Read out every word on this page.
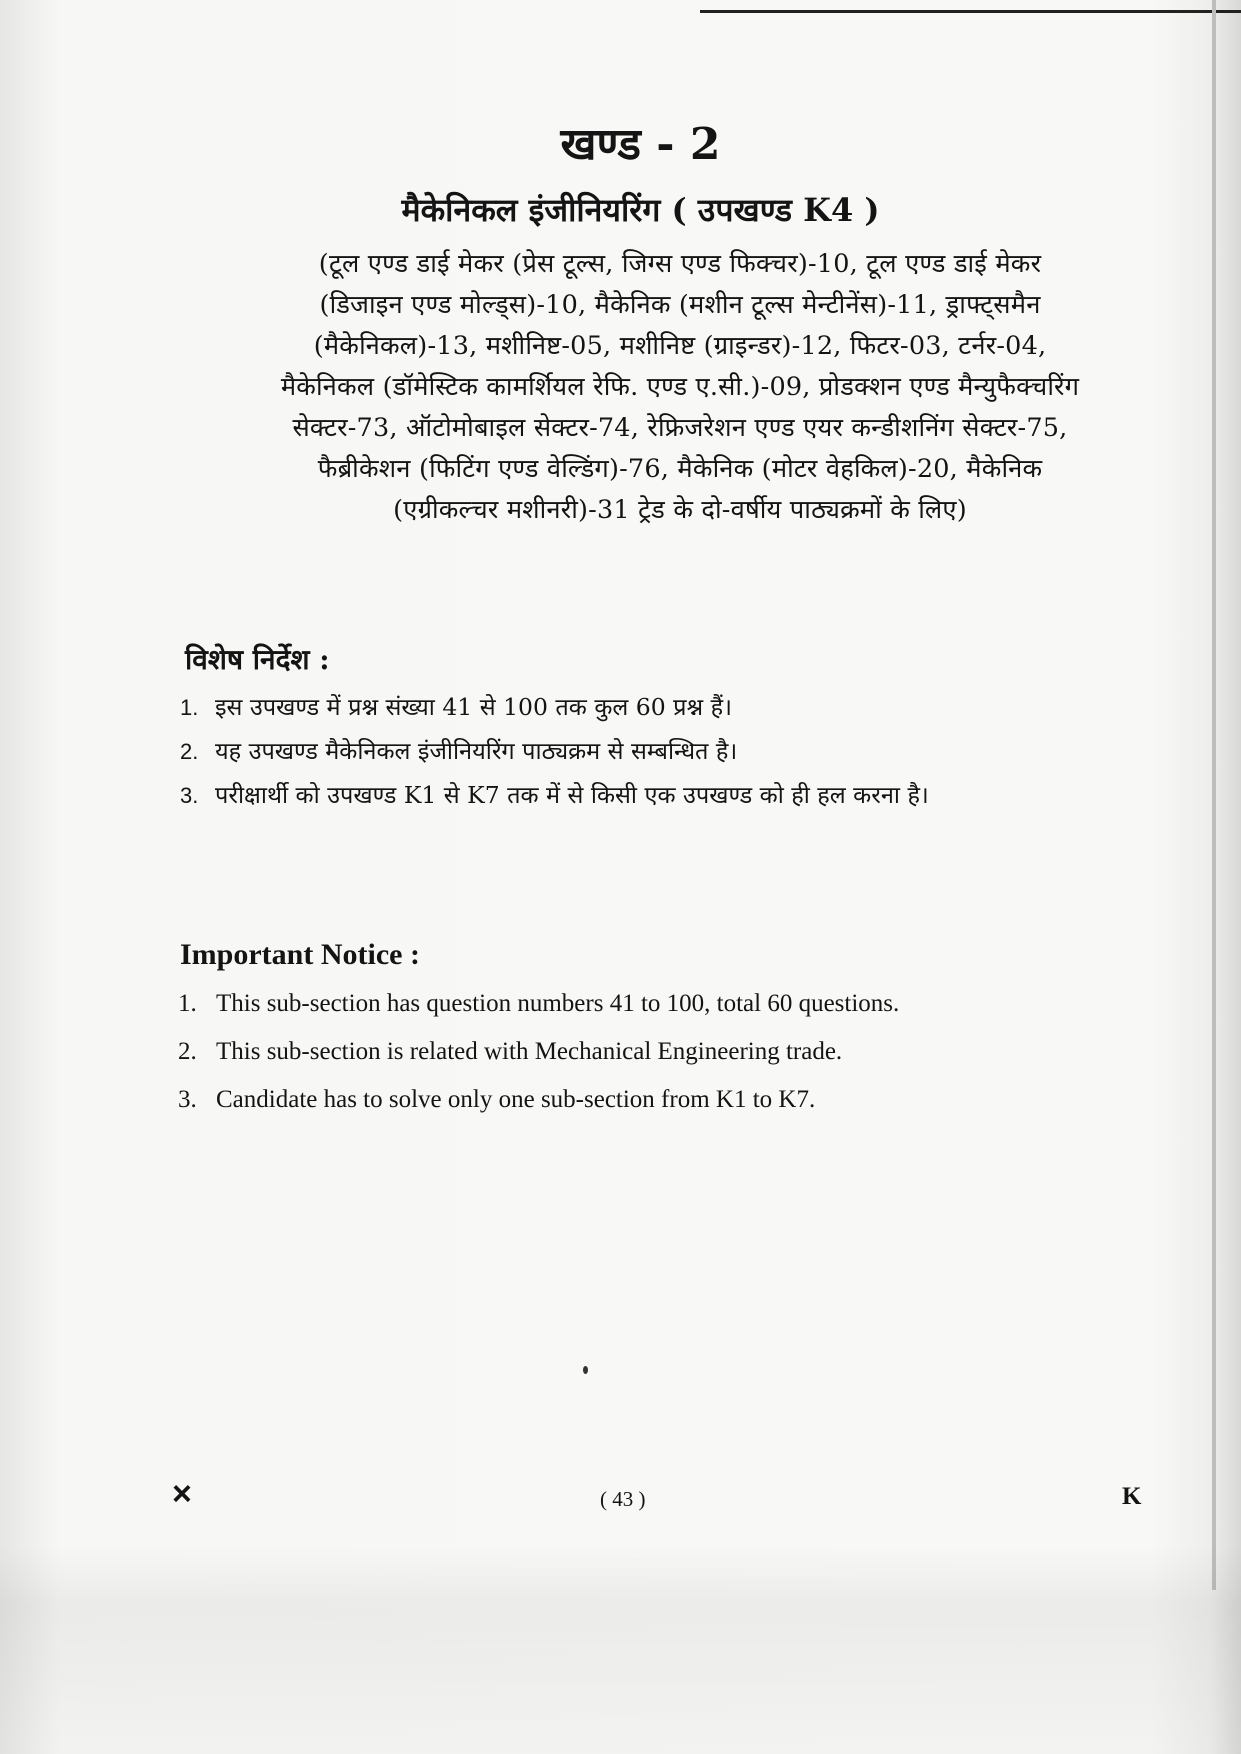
खण्ड - 2
मैकेनिकल इंजीनियरिंग ( उपखण्ड K4 )
(टूल एण्ड डाई मेकर (प्रेस टूल्स, जिग्स एण्ड फिक्चर)-10, टूल एण्ड डाई मेकर
(डिजाइन एण्ड मोल्ड्स)-10, मैकेनिक (मशीन टूल्स मेन्टीनेंस)-11, ड्राफ्ट्समैन
(मैकेनिकल)-13, मशीनिष्ट-05, मशीनिष्ट (ग्राइन्डर)-12, फिटर-03, टर्नर-04,
मैकेनिकल (डॉमेस्टिक कामर्शियल रेफि. एण्ड ए.सी.)-09, प्रोडक्शन एण्ड मैन्युफैक्चरिंग
सेक्टर-73, ऑटोमोबाइल सेक्टर-74, रेफ्रिजरेशन एण्ड एयर कन्डीशनिंग सेक्टर-75,
फैब्रीकेशन (फिटिंग एण्ड वेल्डिंग)-76, मैकेनिक (मोटर वेहकिल)-20, मैकेनिक
(एग्रीकल्चर मशीनरी)-31 ट्रेड के दो-वर्षीय पाठ्यक्रमों के लिए)
विशेष निर्देश :
1. इस उपखण्ड में प्रश्न संख्या 41 से 100 तक कुल 60 प्रश्न हैं।
2. यह उपखण्ड मैकेनिकल इंजीनियरिंग पाठ्यक्रम से सम्बन्धित है।
3. परीक्षार्थी को उपखण्ड K1 से K7 तक में से किसी एक उपखण्ड को ही हल करना है।
Important Notice :
1. This sub-section has question numbers 41 to 100, total 60 questions.
2. This sub-section is related with Mechanical Engineering trade.
3. Candidate has to solve only one sub-section from K1 to K7.
×	( 43 )	K
